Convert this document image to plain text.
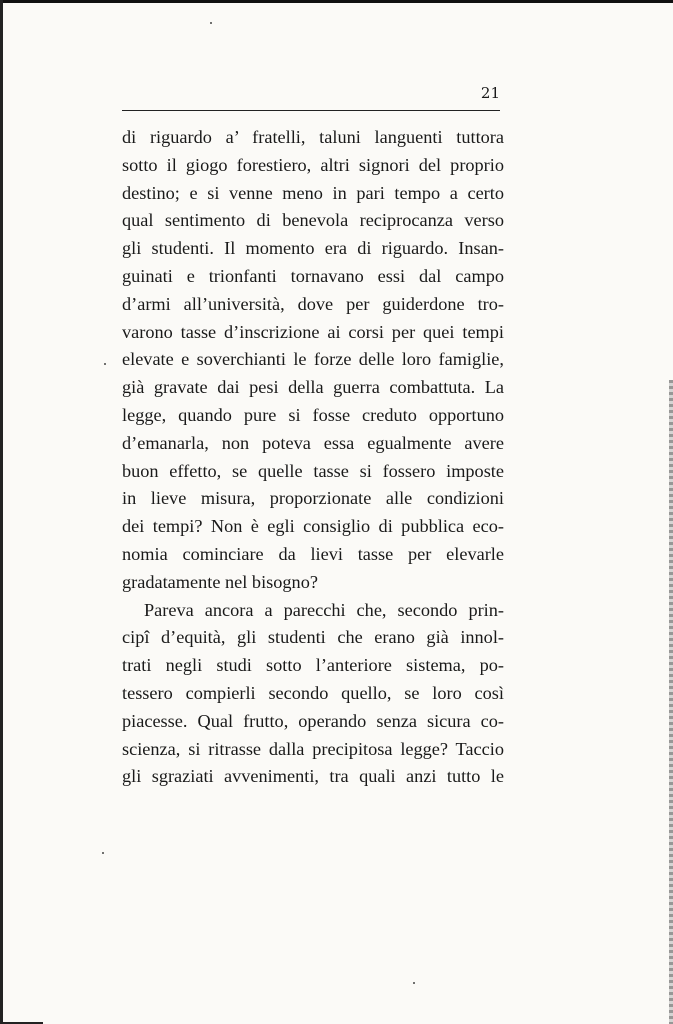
21
di riguardo a’ fratelli, taluni languenti tuttora
sotto il giogo forestiero, altri signori del proprio
destino; e si venne meno in pari tempo a certo
qual sentimento di benevola reciprocanza verso
gli studenti. Il momento era di riguardo. Insan-
guinati e trionfanti tornavano essi dal campo
d’armi all’università, dove per guiderdone tro-
varono tasse d’inscrizione ai corsi per quei tempi
elevate e soverchianti le forze delle loro famiglie,
già gravate dai pesi della guerra combattuta. La
legge, quando pure si fosse creduto opportuno
d’emanarla, non poteva essa egualmente avere
buon effetto, se quelle tasse si fossero imposte
in lieve misura, proporzionate alle condizioni
dei tempi? Non è egli consiglio di pubblica eco-
nomia cominciare da lievi tasse per elevarle
gradatamente nel bisogno?
Pareva ancora a parecchi che, secondo prin-
cipî d’equità, gli studenti che erano già innol-
trati negli studi sotto l’anteriore sistema, po-
tessero compierli secondo quello, se loro così
piacesse. Qual frutto, operando senza sicura co-
scienza, si ritrasse dalla precipitosa legge? Taccio
gli sgraziati avvenimenti, tra quali anzi tutto le
